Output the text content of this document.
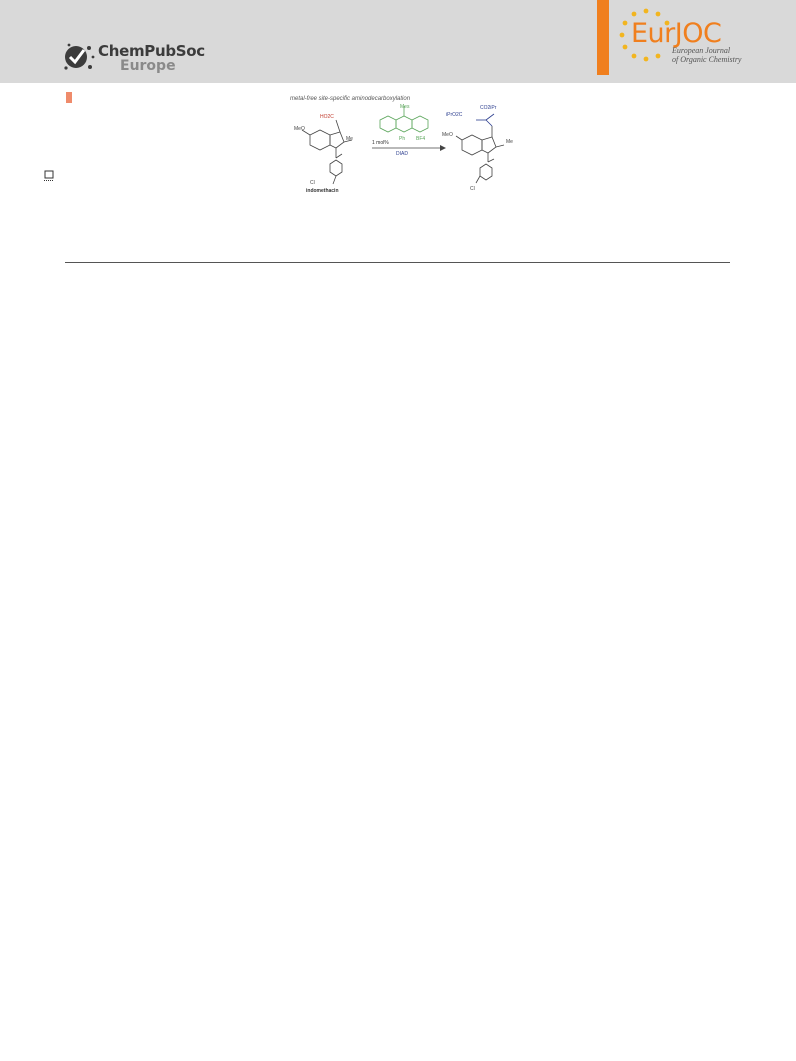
ChemPubSoc
Europe
EurJOC
European Journal
of Organic Chemistry
metal-free site-specific aminodecarboxylation
HO2C
MeO
Me
Cl
indomethacin
Mes
Ph BF4
1 mol%
DIAD
iPrO2C
CO2iPr
MeO
Me
Cl
